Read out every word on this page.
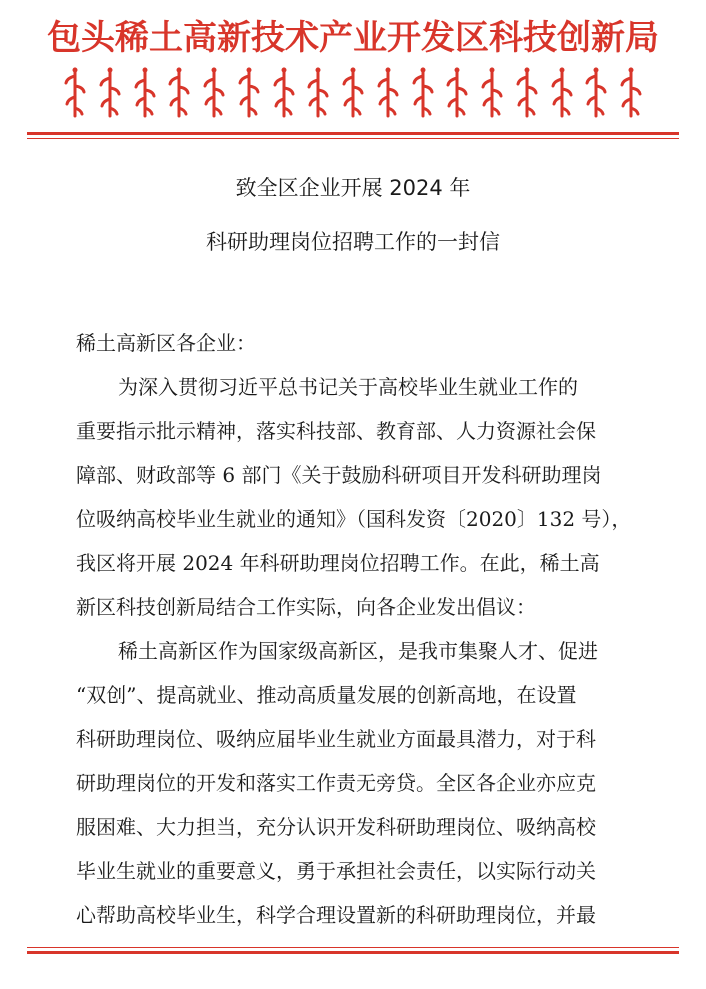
包头稀土高新技术产业开发区科技创新局
致全区企业开展 2024 年
科研助理岗位招聘工作的一封信
稀土高新区各企业：
为深入贯彻习近平总书记关于高校毕业生就业工作的
重要指示批示精神，落实科技部、教育部、人力资源社会保
障部、财政部等 6 部门《关于鼓励科研项目开发科研助理岗
位吸纳高校毕业生就业的通知》（国科发资〔2020〕132 号），
我区将开展 2024 年科研助理岗位招聘工作。在此，稀土高
新区科技创新局结合工作实际，向各企业发出倡议：
稀土高新区作为国家级高新区，是我市集聚人才、促进
“双创”、提高就业、推动高质量发展的创新高地，在设置
科研助理岗位、吸纳应届毕业生就业方面最具潜力，对于科
研助理岗位的开发和落实工作责无旁贷。全区各企业亦应克
服困难、大力担当，充分认识开发科研助理岗位、吸纳高校
毕业生就业的重要意义，勇于承担社会责任，以实际行动关
心帮助高校毕业生，科学合理设置新的科研助理岗位，并最
